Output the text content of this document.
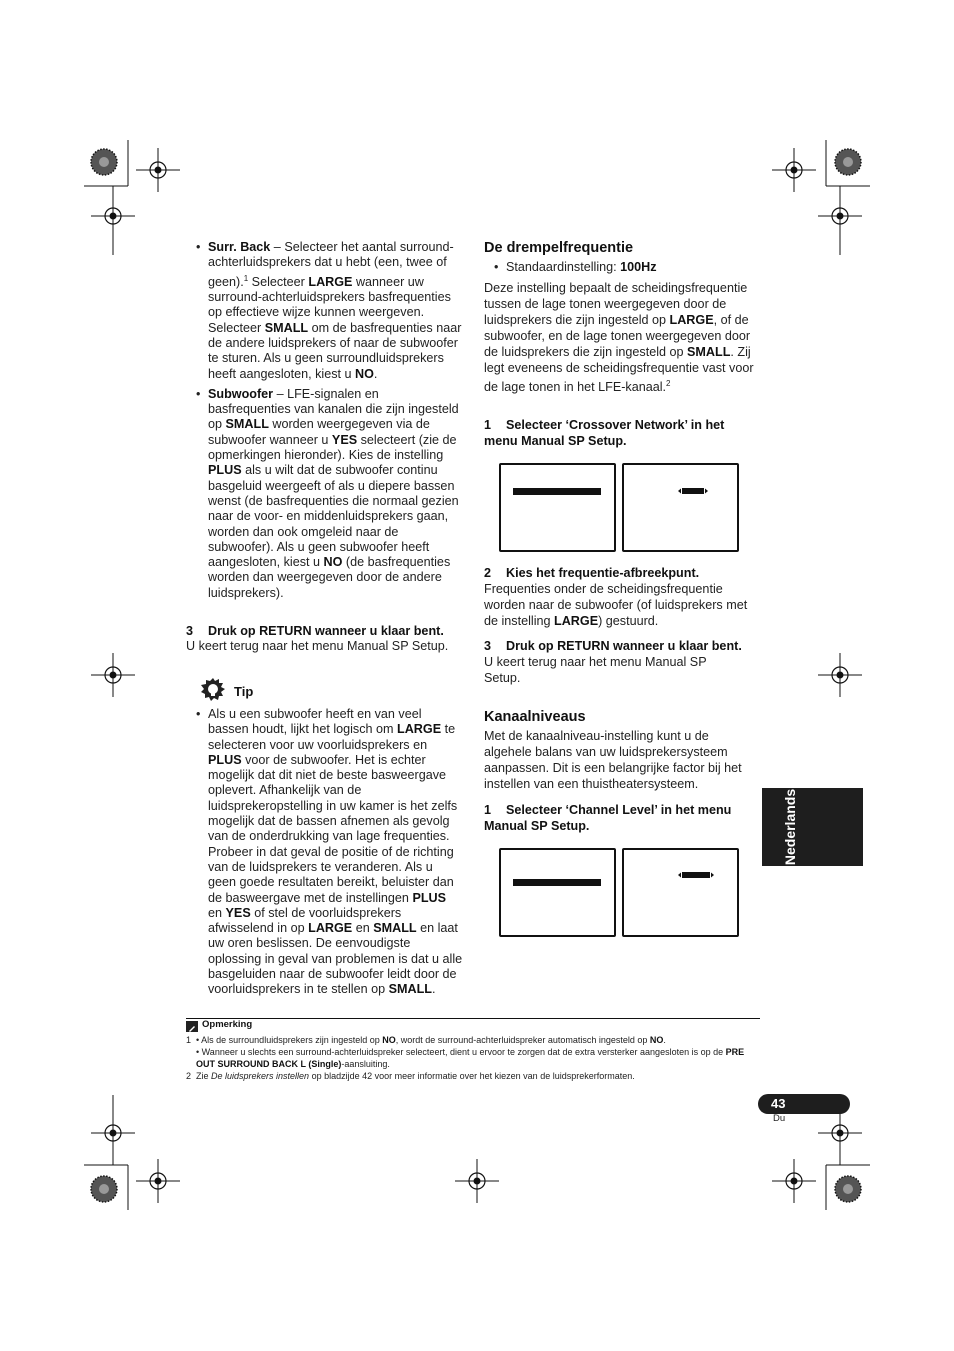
• Surr. Back – Selecteer het aantal surround-achterluidsprekers dat u hebt (een, twee of geen).$^1$ Selecteer LARGE wanneer uw surround-achterluidsprekers basfrequenties op effectieve wijze kunnen weergeven. Selecteer SMALL om de basfrequenties naar de andere luidsprekers of naar de subwoofer te sturen. Als u geen surroundluidsprekers heeft aangesloten, kiest u NO.
• Subwoofer – LFE-signalen en basfrequenties van kanalen die zijn ingesteld op SMALL worden weergegeven via de subwoofer wanneer u YES selecteert (zie de opmerkingen hieronder). Kies de instelling PLUS als u wilt dat de subwoofer continu basgeluid weergeeft of als u diepere bassen wenst (de basfrequenties die normaal gezien naar de voor- en middenluidsprekers gaan, worden dan ook omgeleid naar de subwoofer). Als u geen subwoofer heeft aangesloten, kiest u NO (de basfrequenties worden dan weergegeven door de andere luidsprekers).
3 Druk op RETURN wanneer u klaar bent.
U keert terug naar het menu Manual SP Setup.
Tip
• Als u een subwoofer heeft en van veel bassen houdt, lijkt het logisch om LARGE te selecteren voor uw voorluidsprekers en PLUS voor de subwoofer. Het is echter mogelijk dat dit niet de beste basweergave oplevert. Afhankelijk van de luidsprekeropstelling in uw kamer is het zelfs mogelijk dat de bassen afnemen als gevolg van de onderdrukking van lage frequenties. Probeer in dat geval de positie of de richting van de luidsprekers te veranderen. Als u geen goede resultaten bereikt, beluister dan de basweergave met de instellingen PLUS en YES of stel de voorluidsprekers afwisselend in op LARGE en SMALL en laat uw oren beslissen. De eenvoudigste oplossing in geval van problemen is dat u alle basgeluiden naar de subwoofer leidt door de voorluidsprekers in te stellen op SMALL.
De drempelfrequentie
• Standaardinstelling: 100Hz
Deze instelling bepaalt de scheidingsfrequentie tussen de lage tonen weergegeven door de luidsprekers die zijn ingesteld op LARGE, of de subwoofer, en de lage tonen weergegeven door de luidsprekers die zijn ingesteld op SMALL. Zij legt eveneens de scheidingsfrequentie vast voor de lage tonen in het LFE-kanaal.$^2$
1 Selecteer ‘Crossover Network’ in het menu Manual SP Setup.
2 Kies het frequentie-afbreekpunt.
Frequenties onder de scheidingsfrequentie worden naar de subwoofer (of luidsprekers met de instelling LARGE) gestuurd.
3 Druk op RETURN wanneer u klaar bent.
U keert terug naar het menu Manual SP Setup.
Kanaalniveaus
Met de kanaalniveau-instelling kunt u de algehele balans van uw luidsprekersysteem aanpassen. Dit is een belangrijke factor bij het instellen van een thuistheatersysteem.
1 Selecteer ‘Channel Level’ in het menu Manual SP Setup.	Nederlands
Opmerking
1 • Als de surroundluidsprekers zijn ingesteld op NO, wordt de surround-achterluidspreker automatisch ingesteld op NO.
• Wanneer u slechts een surround-achterluidspreker selecteert, dient u ervoor te zorgen dat de extra versterker aangesloten is op de PRE OUT SURROUND BACK L (Single)-aansluiting.
2 Zie De luidsprekers instellen op bladzijde 42 voor meer informatie over het kiezen van de luidsprekerformaten.
43
Du
